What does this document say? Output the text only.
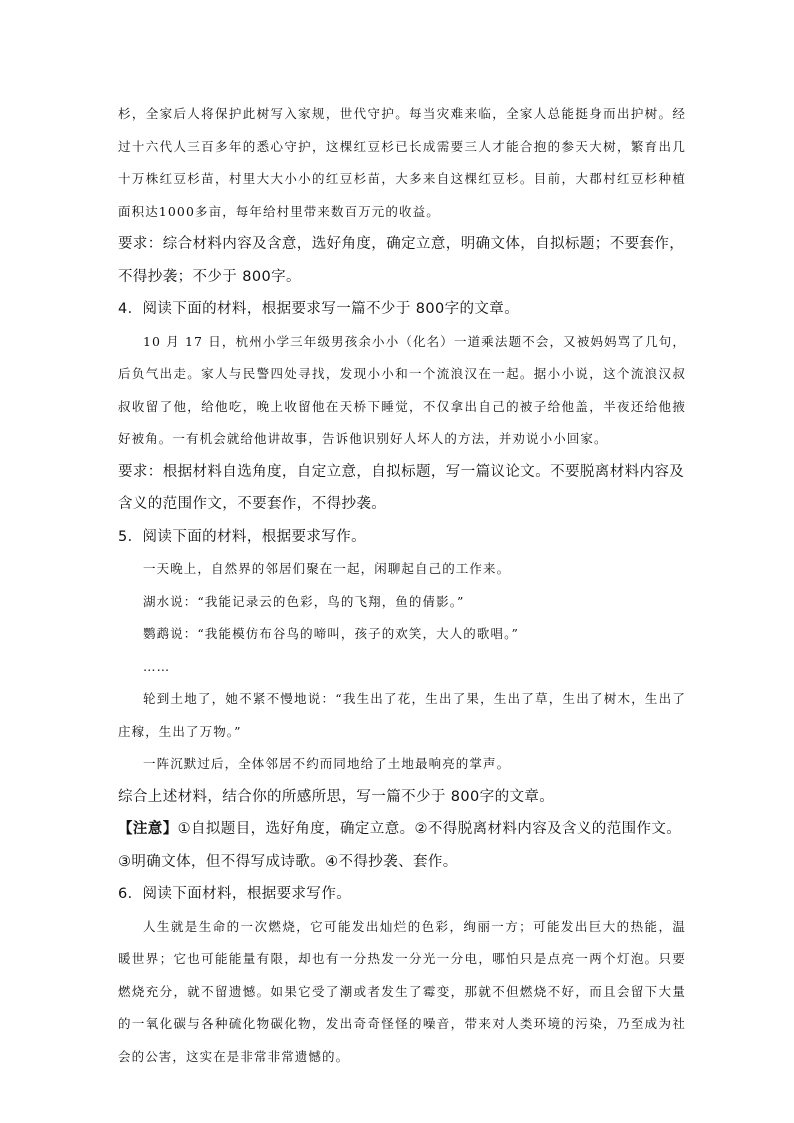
杉，全家后人将保护此树写入家规，世代守护。每当灾难来临，全家人总能挺身而出护树。经过十六代人三百多年的悉心守护，这棵红豆杉已长成需要三人才能合抱的参天大树，繁育出几十万株红豆杉苗，村里大大小小的红豆杉苗，大多来自这棵红豆杉。目前，大郡村红豆杉种植面积达1000多亩，每年给村里带来数百万元的收益。

要求：综合材料内容及含意，选好角度，确定立意，明确文体，自拟标题；不要套作，不得抄袭；不少于 800字。

4．阅读下面的材料，根据要求写一篇不少于 800字的文章。

10 月 17 日，杭州小学三年级男孩余小小（化名）一道乘法题不会，又被妈妈骂了几句，后负气出走。家人与民警四处寻找，发现小小和一个流浪汉在一起。据小小说，这个流浪汉叔叔收留了他，给他吃，晚上收留他在天桥下睡觉，不仅拿出自己的被子给他盖，半夜还给他掖好被角。一有机会就给他讲故事，告诉他识别好人坏人的方法，并劝说小小回家。

要求：根据材料自选角度，自定立意，自拟标题，写一篇议论文。不要脱离材料内容及含义的范围作文，不要套作，不得抄袭。

5．阅读下面的材料，根据要求写作。

一天晚上，自然界的邻居们聚在一起，闲聊起自己的工作来。

湖水说：“我能记录云的色彩，鸟的飞翔，鱼的倩影。”

鹦鹉说：“我能模仿布谷鸟的啼叫，孩子的欢笑，大人的歌唱。”

……

轮到土地了，她不紧不慢地说：“我生出了花，生出了果，生出了草，生出了树木，生出了庄稼，生出了万物。”

一阵沉默过后，全体邻居不约而同地给了土地最响亮的掌声。

综合上述材料，结合你的所感所思，写一篇不少于 800字的文章。

【注意】①自拟题目，选好角度，确定立意。②不得脱离材料内容及含义的范围作文。③明确文体，但不得写成诗歌。④不得抄袭、套作。

6．阅读下面材料，根据要求写作。

人生就是生命的一次燃烧，它可能发出灿烂的色彩，绚丽一方；可能发出巨大的热能，温暖世界；它也可能能量有限，却也有一分热发一分光一分电，哪怕只是点亮一两个灯泡。只要燃烧充分，就不留遗憾。如果它受了潮或者发生了霉变，那就不但燃烧不好，而且会留下大量的一氧化碳与各种硫化物碳化物，发出奇奇怪怪的噪音，带来对人类环境的污染，乃至成为社会的公害，这实在是非常非常遗憾的。
